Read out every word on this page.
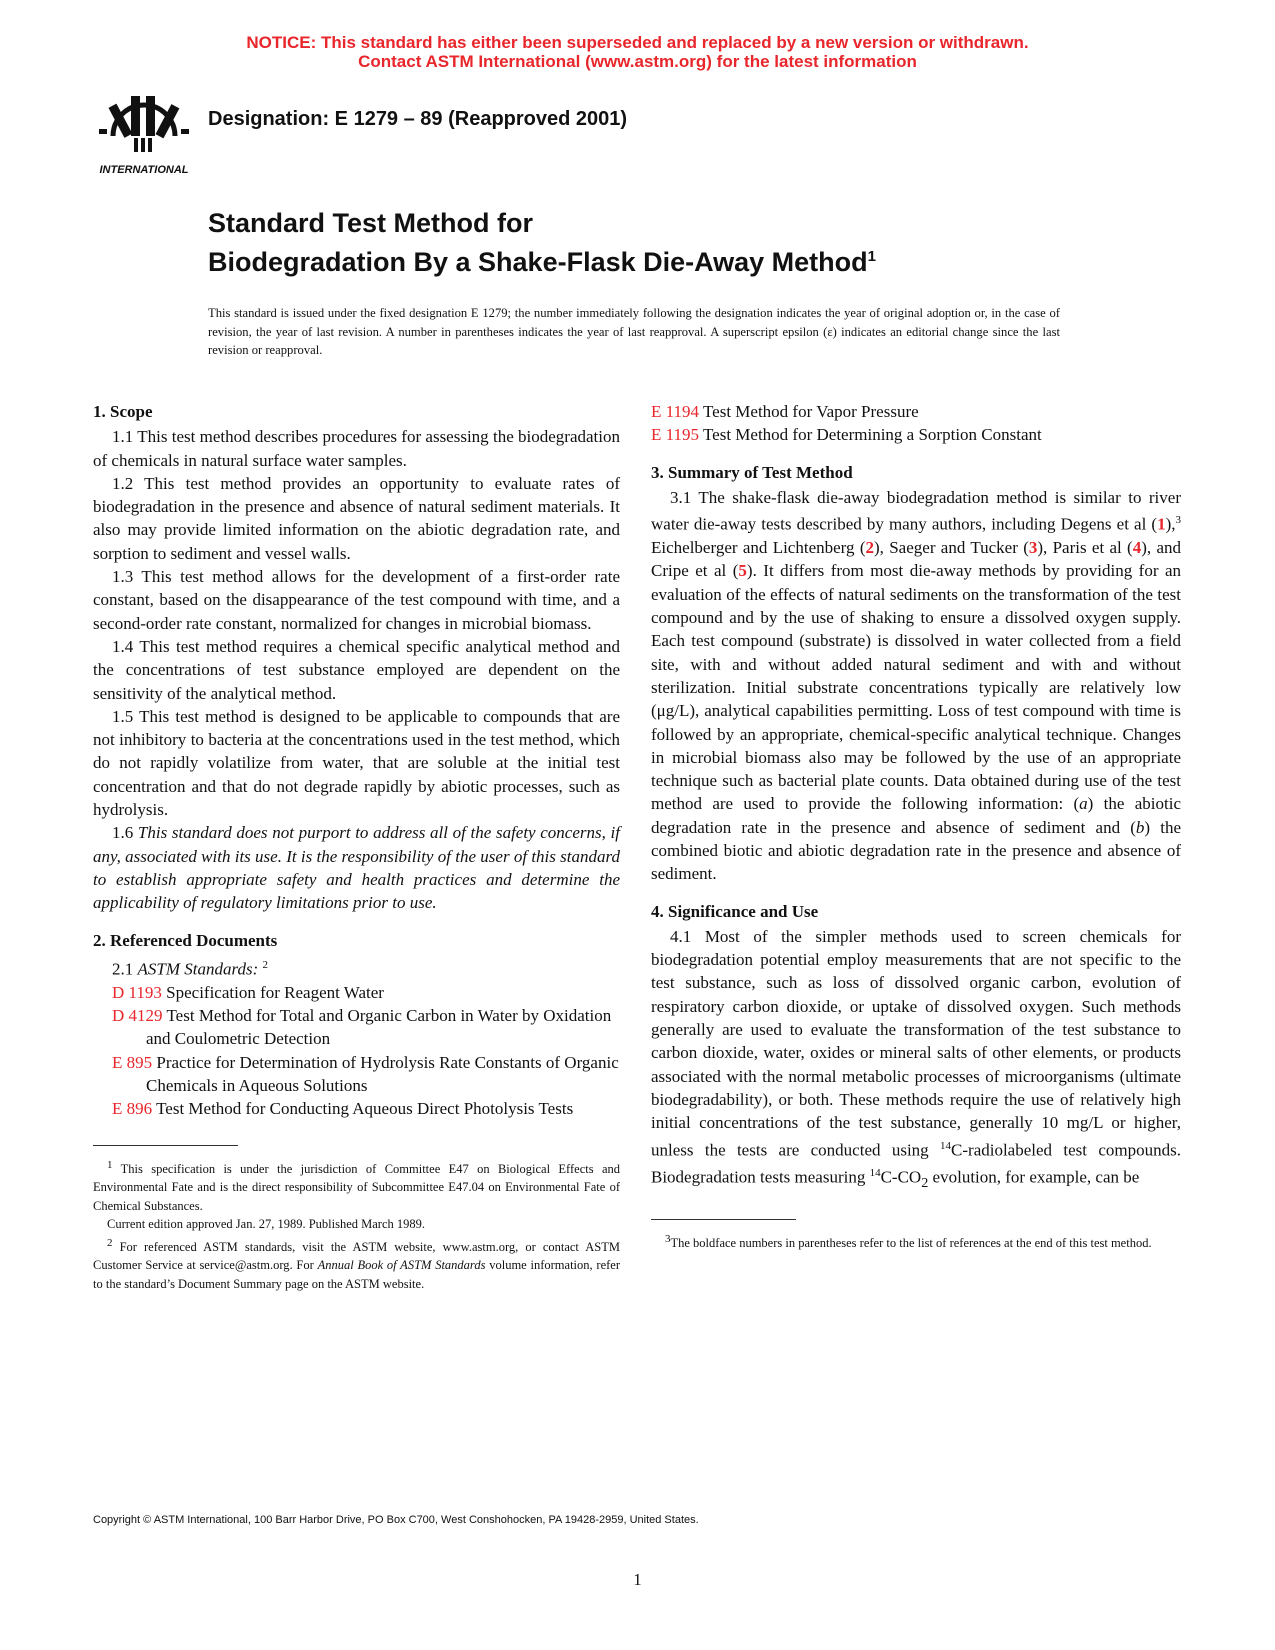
NOTICE: This standard has either been superseded and replaced by a new version or withdrawn.
Contact ASTM International (www.astm.org) for the latest information
INTERNATIONAL
Designation: E 1279 – 89 (Reapproved 2001)
Standard Test Method for
Biodegradation By a Shake-Flask Die-Away Method$^1$
This standard is issued under the fixed designation E 1279; the number immediately following the designation indicates the year of original adoption or, in the case of revision, the year of last revision. A number in parentheses indicates the year of last reapproval. A superscript epsilon (ε) indicates an editorial change since the last revision or reapproval.
1. Scope

1.1 This test method describes procedures for assessing the biodegradation of chemicals in natural surface water samples.

1.2 This test method provides an opportunity to evaluate rates of biodegradation in the presence and absence of natural sediment materials. It also may provide limited information on the abiotic degradation rate, and sorption to sediment and vessel walls.

1.3 This test method allows for the development of a first-order rate constant, based on the disappearance of the test compound with time, and a second-order rate constant, normalized for changes in microbial biomass.

1.4 This test method requires a chemical specific analytical method and the concentrations of test substance employed are dependent on the sensitivity of the analytical method.

1.5 This test method is designed to be applicable to compounds that are not inhibitory to bacteria at the concentrations used in the test method, which do not rapidly volatilize from water, that are soluble at the initial test concentration and that do not degrade rapidly by abiotic processes, such as hydrolysis.

1.6 This standard does not purport to address all of the safety concerns, if any, associated with its use. It is the responsibility of the user of this standard to establish appropriate safety and health practices and determine the applicability of regulatory limitations prior to use.

2. Referenced Documents

2.1 ASTM Standards: $^2$

D 1193 Specification for Reagent Water
D 4129 Test Method for Total and Organic Carbon in Water by Oxidation and Coulometric Detection
E 895 Practice for Determination of Hydrolysis Rate Constants of Organic Chemicals in Aqueous Solutions
E 896 Test Method for Conducting Aqueous Direct Photolysis Tests

$^1$ This specification is under the jurisdiction of Committee E47 on Biological Effects and Environmental Fate and is the direct responsibility of Subcommittee E47.04 on Environmental Fate of Chemical Substances.

Current edition approved Jan. 27, 1989. Published March 1989.

$^2$ For referenced ASTM standards, visit the ASTM website, www.astm.org, or contact ASTM Customer Service at service@astm.org. For Annual Book of ASTM Standards volume information, refer to the standard’s Document Summary page on the ASTM website.

E 1194 Test Method for Vapor Pressure
E 1195 Test Method for Determining a Sorption Constant
3. Summary of Test Method

3.1 The shake-flask die-away biodegradation method is similar to river water die-away tests described by many authors, including Degens et al (1),$^3$ Eichelberger and Lichtenberg (2), Saeger and Tucker (3), Paris et al (4), and Cripe et al (5). It differs from most die-away methods by providing for an evaluation of the effects of natural sediments on the transformation of the test compound and by the use of shaking to ensure a dissolved oxygen supply. Each test compound (substrate) is dissolved in water collected from a field site, with and without added natural sediment and with and without sterilization. Initial substrate concentrations typically are relatively low (μg/L), analytical capabilities permitting. Loss of test compound with time is followed by an appropriate, chemical-specific analytical technique. Changes in microbial biomass also may be followed by the use of an appropriate technique such as bacterial plate counts. Data obtained during use of the test method are used to provide the following information: (a) the abiotic degradation rate in the presence and absence of sediment and (b) the combined biotic and abiotic degradation rate in the presence and absence of sediment.

4. Significance and Use

4.1 Most of the simpler methods used to screen chemicals for biodegradation potential employ measurements that are not specific to the test substance, such as loss of dissolved organic carbon, evolution of respiratory carbon dioxide, or uptake of dissolved oxygen. Such methods generally are used to evaluate the transformation of the test substance to carbon dioxide, water, oxides or mineral salts of other elements, or products associated with the normal metabolic processes of microorganisms (ultimate biodegradability), or both. These methods require the use of relatively high initial concentrations of the test substance, generally 10 mg/L or higher, unless the tests are conducted using $^{14}$C-radiolabeled test compounds. Biodegradation tests measuring $^{14}C-CO_2$ evolution, for example, can be

$^3$The boldface numbers in parentheses refer to the list of references at the end of this test method.

Copyright © ASTM International, 100 Barr Harbor Drive, PO Box C700, West Conshohocken, PA 19428-2959, United States.
1
